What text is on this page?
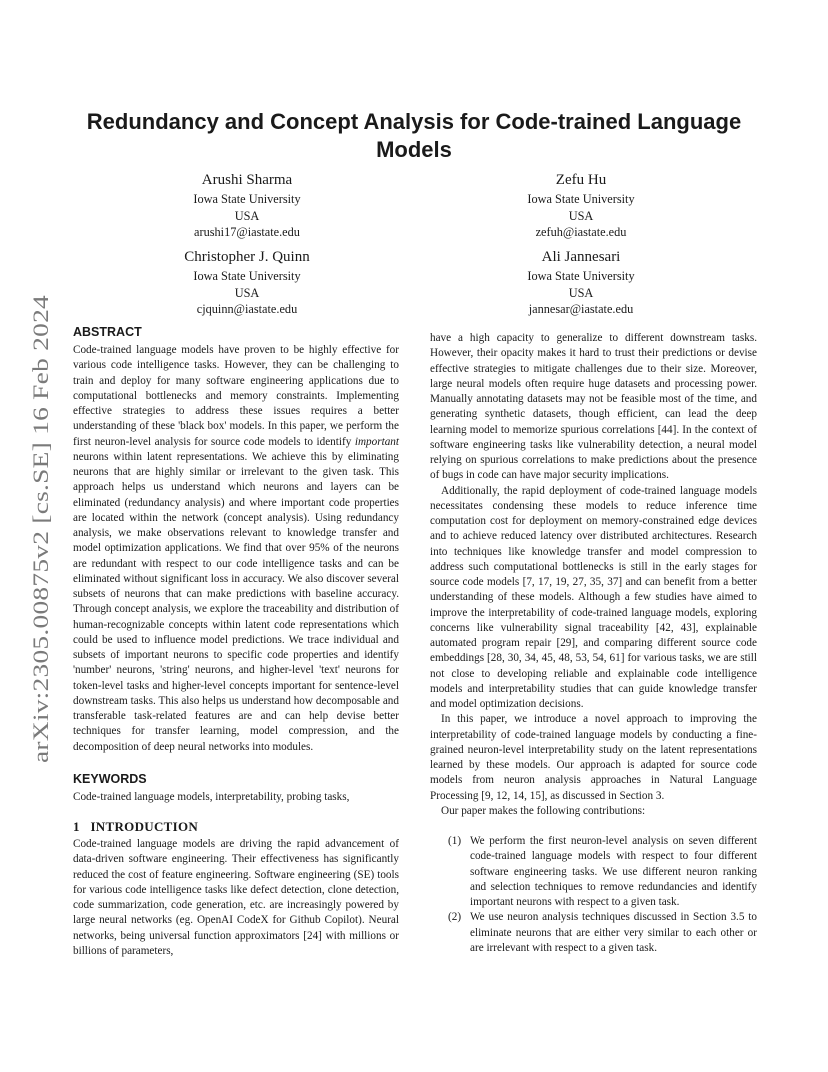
arXiv:2305.00875v2 [cs.SE] 16 Feb 2024
Redundancy and Concept Analysis for Code-trained Language
Models
Arushi Sharma
Iowa State University
USA
arushi17@iastate.edu
Zefu Hu
Iowa State University
USA
zefuh@iastate.edu
Christopher J. Quinn
Iowa State University
USA
cjquinn@iastate.edu
Ali Jannesari
Iowa State University
USA
jannesar@iastate.edu

ABSTRACT

Code-trained language models have proven to be highly effective for various code intelligence tasks. However, they can be challenging to train and deploy for many software engineering applications due to computational bottlenecks and memory constraints. Implementing effective strategies to address these issues requires a better understanding of these 'black box' models. In this paper, we perform the first neuron-level analysis for source code models to identify important neurons within latent representations. We achieve this by eliminating neurons that are highly similar or irrelevant to the given task. This approach helps us understand which neurons and layers can be eliminated (redundancy analysis) and where important code properties are located within the network (concept analysis). Using redundancy analysis, we make observations relevant to knowledge transfer and model optimization applications. We find that over 95% of the neurons are redundant with respect to our code intelligence tasks and can be eliminated without significant loss in accuracy. We also discover several subsets of neurons that can make predictions with baseline accuracy. Through concept analysis, we explore the traceability and distribution of human-recognizable concepts within latent code representations which could be used to influence model predictions. We trace individual and subsets of important neurons to specific code properties and identify 'number' neurons, 'string' neurons, and higher-level 'text' neurons for token-level tasks and higher-level concepts important for sentence-level downstream tasks. This also helps us understand how decomposable and transferable task-related features are and can help devise better techniques for transfer learning, model compression, and the decomposition of deep neural networks into modules.

KEYWORDS

Code-trained language models, interpretability, probing tasks,

1   INTRODUCTION

Code-trained language models are driving the rapid advancement of data-driven software engineering. Their effectiveness has significantly reduced the cost of feature engineering. Software engineering (SE) tools for various code intelligence tasks like defect detection, clone detection, code summarization, code generation, etc. are increasingly powered by large neural networks (eg. OpenAI CodeX for Github Copilot). Neural networks, being universal function approximators [24] with millions or billions of parameters,

have a high capacity to generalize to different downstream tasks. However, their opacity makes it hard to trust their predictions or devise effective strategies to mitigate challenges due to their size. Moreover, large neural models often require huge datasets and processing power. Manually annotating datasets may not be feasible most of the time, and generating synthetic datasets, though efficient, can lead the deep learning model to memorize spurious correlations [44]. In the context of software engineering tasks like vulnerability detection, a neural model relying on spurious correlations to make predictions about the presence of bugs in code can have major security implications.

Additionally, the rapid deployment of code-trained language models necessitates condensing these models to reduce inference time computation cost for deployment on memory-constrained edge devices and to achieve reduced latency over distributed architectures. Research into techniques like knowledge transfer and model compression to address such computational bottlenecks is still in the early stages for source code models [7, 17, 19, 27, 35, 37] and can benefit from a better understanding of these models. Although a few studies have aimed to improve the interpretability of code-trained language models, exploring concerns like vulnerability signal traceability [42, 43], explainable automated program repair [29], and comparing different source code embeddings [28, 30, 34, 45, 48, 53, 54, 61] for various tasks, we are still not close to developing reliable and explainable code intelligence models and interpretability studies that can guide knowledge transfer and model optimization decisions.

In this paper, we introduce a novel approach to improving the interpretability of code-trained language models by conducting a fine-grained neuron-level interpretability study on the latent representations learned by these models. Our approach is adapted for source code models from neuron analysis approaches in Natural Language Processing [9, 12, 14, 15], as discussed in Section 3.

Our paper makes the following contributions:

(1) We perform the first neuron-level analysis on seven different code-trained language models with respect to four different software engineering tasks. We use different neuron ranking and selection techniques to remove redundancies and identify important neurons with respect to a given task.
(2) We use neuron analysis techniques discussed in Section 3.5 to eliminate neurons that are either very similar to each other or are irrelevant with respect to a given task.
